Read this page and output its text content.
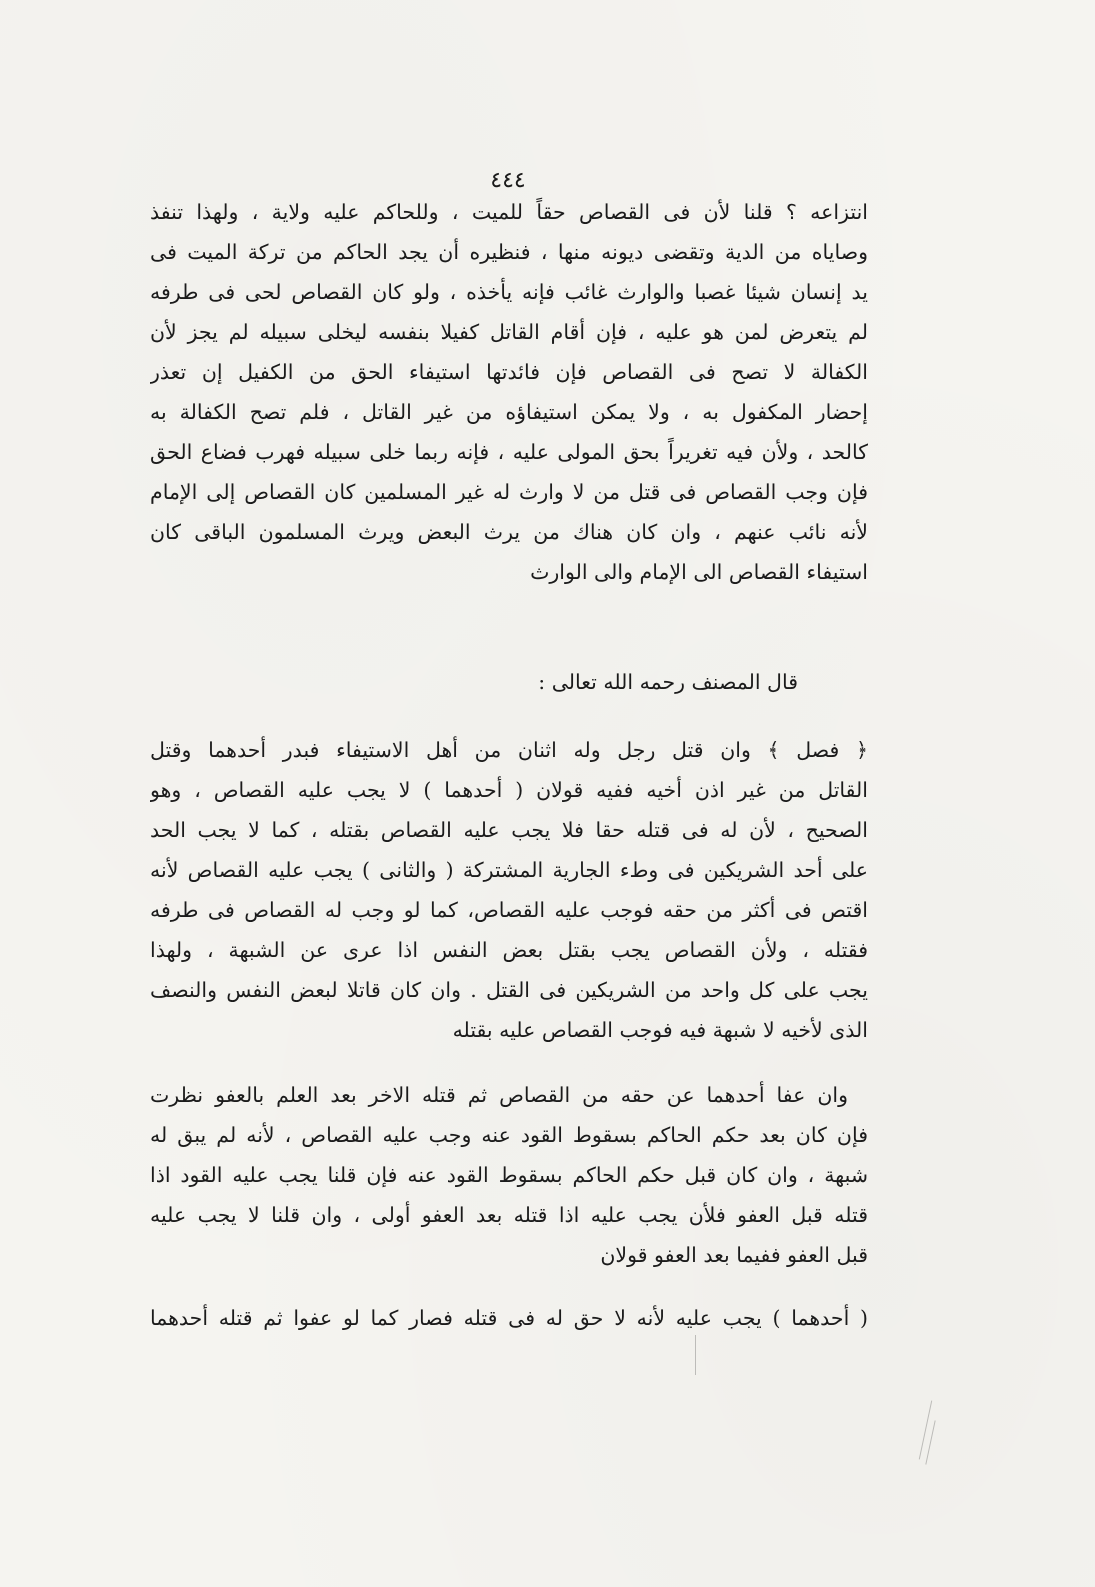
٤٤٤
انتزاعه ؟ قلنا لأن فى القصاص حقاً للميت ، وللحاكم عليه ولاية ، ولهذا تنفذ
وصاياه من الدية وتقضى ديونه منها ، فنظيره أن يجد الحاكم من تركة الميت فى
يد إنسان شيئا غصبا والوارث غائب فإنه يأخذه ، ولو كان القصاص لحى فى طرفه
لم يتعرض لمن هو عليه ، فإن أقام القاتل كفيلا بنفسه ليخلى سبيله لم يجز لأن
الكفالة لا تصح فى القصاص فإن فائدتها استيفاء الحق من الكفيل إن تعذر
إحضار المكفول به ، ولا يمكن استيفاؤه من غير القاتل ، فلم تصح الكفالة به
كالحد ، ولأن فيه تغريراً بحق المولى عليه ، فإنه ربما خلى سبيله فهرب فضاع الحق
فإن وجب القصاص فى قتل من لا وارث له غير المسلمين كان القصاص إلى الإمام
لأنه نائب عنهم ، وان كان هناك من يرث البعض ويرث المسلمون الباقى كان
استيفاء القصاص الى الإمام والى الوارث
قال المصنف رحمه الله تعالى :
﴿ فصل ﴾ وان قتل رجل وله اثنان من أهل الاستيفاء فبدر أحدهما وقتل
القاتل من غير اذن أخيه ففيه قولان ( أحدهما ) لا يجب عليه القصاص ، وهو
الصحيح ، لأن له فى قتله حقا فلا يجب عليه القصاص بقتله ، كما لا يجب الحد
على أحد الشريكين فى وطء الجارية المشتركة ( والثانى ) يجب عليه القصاص لأنه
اقتص فى أكثر من حقه فوجب عليه القصاص، كما لو وجب له القصاص فى طرفه
فقتله ، ولأن القصاص يجب بقتل بعض النفس اذا عرى عن الشبهة ، ولهذا
يجب على كل واحد من الشريكين فى القتل . وان كان قاتلا لبعض النفس والنصف
الذى لأخيه لا شبهة فيه فوجب القصاص عليه بقتله
وان عفا أحدهما عن حقه من القصاص ثم قتله الاخر بعد العلم بالعفو نظرت
فإن كان بعد حكم الحاكم بسقوط القود عنه وجب عليه القصاص ، لأنه لم يبق له
شبهة ، وان كان قبل حكم الحاكم بسقوط القود عنه فإن قلنا يجب عليه القود اذا
قتله قبل العفو فلأن يجب عليه اذا قتله بعد العفو أولى ، وان قلنا لا يجب عليه
قبل العفو ففيما بعد العفو قولان
( أحدهما ) يجب عليه لأنه لا حق له فى قتله فصار كما لو عفوا ثم قتله أحدهما
